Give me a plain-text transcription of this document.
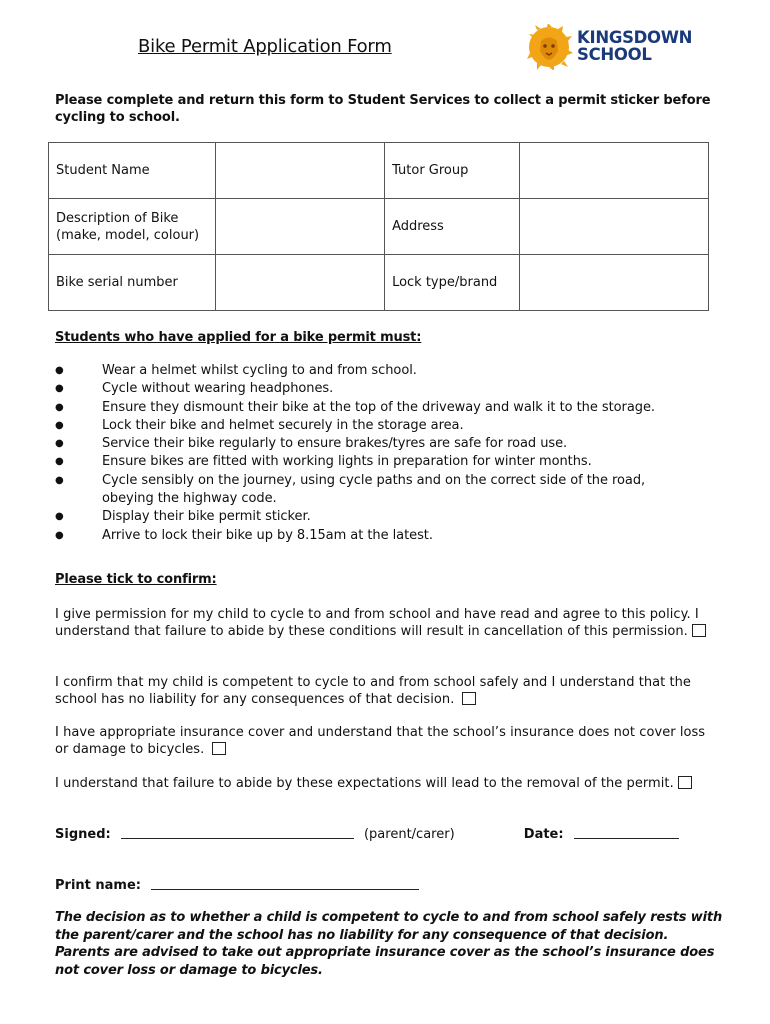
Bike Permit Application Form	KINGSDOWN
SCHOOL
Please complete and return this form to Student Services to collect a permit sticker before cycling to school.
Student Name		Tutor Group	
Description of Bike (make, model, colour)		Address	
Bike serial number		Lock type/brand	
Students who have applied for a bike permit must:
●	Wear a helmet whilst cycling to and from school.
●	Cycle without wearing headphones.
●	Ensure they dismount their bike at the top of the driveway and walk it to the storage.
●	Lock their bike and helmet securely in the storage area.
●	Service their bike regularly to ensure brakes/tyres are safe for road use.
●	Ensure bikes are fitted with working lights in preparation for winter months.
●	Cycle sensibly on the journey, using cycle paths and on the correct side of the road, obeying the highway code.
●	Display their bike permit sticker.
●	Arrive to lock their bike up by 8.15am at the latest.
Please tick to confirm:
I give permission for my child to cycle to and from school and have read and agree to this policy. I understand that failure to abide by these conditions will result in cancellation of this permission.
I confirm that my child is competent to cycle to and from school safely and I understand that the school has no liability for any consequences of that decision.
I have appropriate insurance cover and understand that the school’s insurance does not cover loss or damage to bicycles.
I understand that failure to abide by these expectations will lead to the removal of the permit.
Signed:	(parent/carer)	Date:
Print name:
The decision as to whether a child is competent to cycle to and from school safely rests with the parent/carer and the school has no liability for any consequence of that decision. Parents are advised to take out appropriate insurance cover as the school’s insurance does not cover loss or damage to bicycles.
